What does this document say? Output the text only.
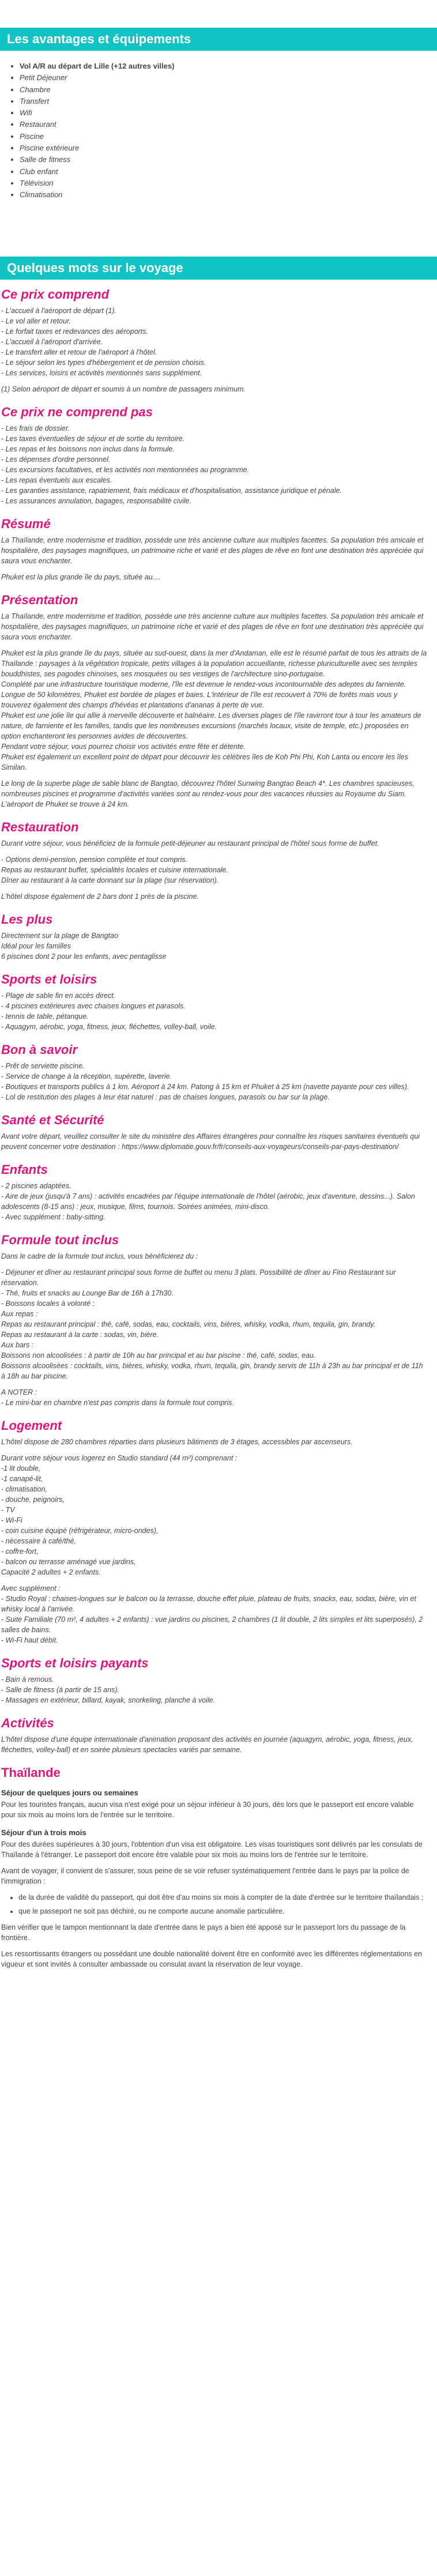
Les avantages et équipements
• Vol A/R au départ de Lille (+12 autres villes)
• Petit Déjeuner
• Chambre
• Transfert
• Wifi
• Restaurant
• Piscine
• Piscine extérieure
• Salle de fitness
• Club enfant
• Télévision
• Climatisation
Quelques mots sur le voyage
Ce prix comprend

- L'accueil à l'aéroport de départ (1).

- Le vol aller et retour.

- Le forfait taxes et redevances des aéroports.

- L'accueil à l'aéroport d'arrivée.

- Le transfert aller et retour de l'aéroport à l'hôtel.

- Le séjour selon les types d'hébergement et de pension choisis.

- Les services, loisirs et activités mentionnés sans supplément.

(1) Selon aéroport de départ et soumis à un nombre de passagers minimum.

Ce prix ne comprend pas

- Les frais de dossier.

- Les taxes éventuelles de séjour et de sortie du territoire.

- Les repas et les boissons non inclus dans la formule.

- Les dépenses d'ordre personnel.

- Les excursions facultatives, et les activités non mentionnées au programme.

- Les repas éventuels aux escales.

- Les garanties assistance, rapatriement, frais médicaux et d'hospitalisation, assistance juridique et pénale.

- Les assurances annulation, bagages, responsabilité civile.

Résumé

La Thaïlande, entre modernisme et tradition, possède une très ancienne culture aux multiples facettes. Sa population très amicale et hospitalière, des paysages magnifiques, un patrimoine riche et varié et des plages de rêve en font une destination très appréciée qui saura vous enchanter.

Phuket est la plus grande île du pays, située au....

Présentation

La Thaïlande, entre modernisme et tradition, possède une très ancienne culture aux multiples facettes. Sa population très amicale et hospitalière, des paysages magnifiques, un patrimoine riche et varié et des plages de rêve en font une destination très appréciée qui saura vous enchanter.

Phuket est la plus grande île du pays, située au sud-ouest, dans la mer d'Andaman, elle est le résumé parfait de tous les attraits de la Thaïlande : paysages à la végétation tropicale, petits villages à la population accueillante, richesse pluriculturelle avec ses temples bouddhistes, ses pagodes chinoises, ses mosquées ou ses vestiges de l'architecture sino-portugaise.

Complété par une infrastructure touristique moderne, l'île est devenue le rendez-vous incontournable des adeptes du farniente.

Longue de 50 kilomètres, Phuket est bordée de plages et baies. L'intérieur de l'île est recouvert à 70% de forêts mais vous y trouverez également des champs d'hévéas et plantations d'ananas à perte de vue.

Phuket est une jolie île qui allie à merveille découverte et balnéaire. Les diverses plages de l'île ravirront tour à tour les amateurs de nature, de farniente et les familles, tandis que les nombreuses excursions (marchés locaux, visite de temple, etc.) proposées en option enchanteront les personnes avides de découvertes.

Pendant votre séjour, vous pourrez choisir vos activités entre fête et détente.

Phuket est également un excellent point de départ pour découvrir les célèbres îles de Koh Phi Phi, Koh Lanta ou encore les îles Similan.

Le long de la superbe plage de sable blanc de Bangtao, découvrez l'hôtel Sunwing Bangtao Beach 4*. Les chambres spacieuses, nombreuses piscines et programme d'activités variées sont au rendez-vous pour des vacances réussies au Royaume du Siam. L'aéroport de Phuket se trouve à 24 km.

Restauration

Durant votre séjour, vous bénéficiez de la formule petit-déjeuner au restaurant principal de l'hôtel sous forme de buffet.

- Options demi-pension, pension complète et tout compris.

Repas au restaurant buffet, spécialités locales et cuisine internationale.

Dîner au restaurant à la carte donnant sur la plage (sur réservation).

L'hôtel dispose également de 2 bars dont 1 près de la piscine.

Les plus

Directement sur la plage de Bangtao

Idéal pour les familles

6 piscines dont 2 pour les enfants, avec pentaglisse

Sports et loisirs

- Plage de sable fin en accès direct.

- 4 piscines extérieures avec chaises longues et parasols.

- tennis de table, pétanque.

- Aquagym, aérobic, yoga, fitness, jeux, fléchettes, volley-ball, voile.

Bon à savoir

- Prêt de serviette piscine.

- Service de change à la réception, supérette, laverie.

- Boutiques et transports publics à 1 km. Aéroport à 24 km. Patong à 15 km et Phuket à 25 km (navette payante pour ces villes).

- Lol de restitution des plages à leur état naturel : pas de chaises longues, parasols ou bar sur la plage.

Santé et Sécurité

Avant votre départ, veuillez consulter le site du ministère des Affaires étrangères pour connaître les risques sanitaires éventuels qui peuvent concerner votre destination : https://www.diplomatie.gouv.fr/fr/conseils-aux-voyageurs/conseils-par-pays-destination/

Enfants

- 2 piscines adaptées.

- Aire de jeux (jusqu'à 7 ans) : activités encadrées par l'équipe internationale de l'hôtel (aérobic, jeux d'aventure, dessins...). Salon adolescents (8-15 ans) : jeux, musique, films, tournois. Soirées animées, mini-disco.

- Avec supplément : baby-sitting.

Formule tout inclus

Dans le cadre de la formule tout inclus, vous bénéficierez du :

- Déjeuner et dîner au restaurant principal sous forme de buffet ou menu 3 plats. Possibilité de dîner au Fino Restaurant sur réservation.

- Thé, fruits et snacks au Lounge Bar de 16h à 17h30.

- Boissons locales à volonté :

Aux repas :

Repas au restaurant principal : thé, café, sodas, eau, cocktails, vins, bières, whisky, vodka, rhum, tequila, gin, brandy.

Repas au restaurant à la carte : sodas, vin, bière.

Aux bars :

Boissons non alcoolisées : à partir de 10h au bar principal et au bar piscine : thé, café, sodas, eau.

Boissons alcoolisées : cocktails, vins, bières, whisky, vodka, rhum, tequila, gin, brandy servis de 11h à 23h au bar principal et de 11h à 18h au bar piscine.

A NOTER :

- Le mini-bar en chambre n'est pas compris dans la formule tout compris.

Logement

L'hôtel dispose de 280 chambres réparties dans plusieurs bâtiments de 3 étages, accessibles par ascenseurs.

Durant votre séjour vous logerez en Studio standard (44 m²) comprenant :

-1 lit double,

-1 canapé-lit,

- climatisation,

- douche, peignoirs,

- TV

- Wi-Fi

- coin cuisine équipé (réfrigérateur, micro-ondes),

- nécessaire à café/thé,

- coffre-fort,

- balcon ou terrasse aménagé vue jardins,

Capacité 2 adultes + 2 enfants.

Avec supplément :

- Studio Royal : chaises-longues sur le balcon ou la terrasse, douche effet pluie, plateau de fruits, snacks, eau, sodas, bière, vin et whisky local à l'arrivée.

- Suite Familiale (70 m², 4 adultes + 2 enfants) : vue jardins ou piscines, 2 chambres (1 lit double, 2 lits simples et lits superposés), 2 salles de bains.

- Wi-Fi haut débit.

Sports et loisirs payants

- Bain à remous.

- Salle de fitness (à partir de 15 ans).

- Massages en extérieur, billard, kayak, snorkeling, planche à voile.

Activités

L'hôtel dispose d'une équipe internationale d'animation proposant des activités en journée (aquagym, aérobic, yoga, fitness, jeux, fléchettes, volley-ball) et en soirée plusieurs spectacles variés par semaine.

Thaïlande
Séjour de quelques jours ou semaines

Pour les touristes français, aucun visa n'est exigé pour un séjour inférieur à 30 jours, dès lors que le passeport est encore valable pour six mois au moins lors de l'entrée sur le territoire.

Séjour d'un à trois mois

Pour des durées supérieures à 30 jours, l'obtention d'un visa est obligatoire. Les visas touristiques sont délivrés par les consulats de Thaïlande à l'étranger. Le passeport doit encore être valable pour six mois au moins lors de l'entrée sur le territoire.

Avant de voyager, il convient de s'assurer, sous peine de se voir refuser systématiquement l'entrée dans le pays par la police de l'immigration :

• de la durée de validité du passeport, qui doit être d'au moins six mois à compter de la date d'entrée sur le territoire thaïlandais ;
• que le passeport ne soit pas déchiré, ou ne comporte aucune anomalie particulière.

Bien vérifier que le tampon mentionnant la date d'entrée dans le pays a bien été apposé sur le passeport lors du passage de la frontière.

Les ressortissants étrangers ou possédant une double nationalité doivent être en conformité avec les différentes réglementations en vigueur et sont invités à consulter ambassade ou consulat avant la réservation de leur voyage.
